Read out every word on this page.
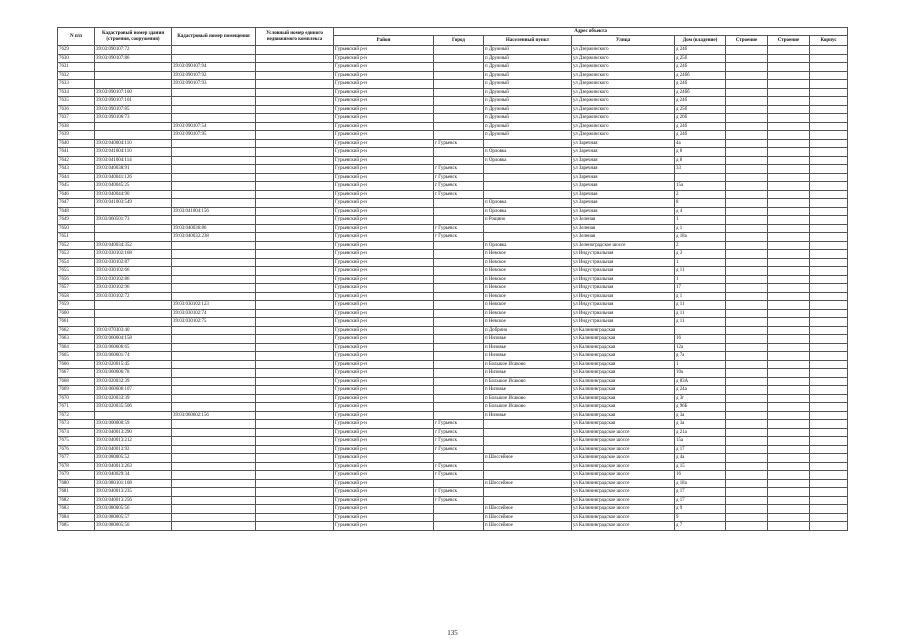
N п/п	Кадастровый номер здания (строения, сооружения)	Кадастровый номер помещения	Условный номер единого недвижимого комплекса	Адрес объекта							
				Район	Город	Населенный пункт	Улица	Дом (владение)	Строение	Строение	Корпус
7629	39:03:090107:72			Гурьевский р-н		п Дружный	ул Дзержинского	д 24б			
7630	39:03:090107:86			Гурьевский р-н		п Дружный	ул Дзержинского	д 25б			
7631		39:03:090107:94		Гурьевский р-н		п Дружный	ул Дзержинского	д 24б			
7632		39:03:090107:92		Гурьевский р-н		п Дружный	ул Дзержинского	д 24бб			
7633		39:03:090107:93		Гурьевский р-н		п Дружный	ул Дзержинского	д 24б			
7634	39:03:090107:100			Гурьевский р-н		п Дружный	ул Дзержинского	д 24бб			
7635	39:03:090107:101			Гурьевский р-н		п Дружный	ул Дзержинского	д 24б			
7636	39:03:090107:85			Гурьевский р-н		п Дружный	ул Дзержинского	д 25б			
7637	39:03:090106:73			Гурьевский р-н		п Дружный	ул Дзержинского	д 26б			
7638		39:03:090107:54		Гурьевский р-н		п Дружный	ул Дзержинского	д 24б			
7639		39:03:090107:95		Гурьевский р-н		п Дружный	ул Дзержинского	д 24б			
7640	39:03:040004:110			Гурьевский р-н	г Гурьевск		ул Заречная	4а			
7641	39:03:041004:110			Гурьевский р-н		п Орловка	ул Заречная	д 8			
7642	39:03:041004:114			Гурьевский р-н		п Орловка	ул Заречная	д 8			
7643	39:03:040038:91			Гурьевский р-н	г Гурьевск		ул Заречная	33			
7644	39:03:040041:126			Гурьевский р-н	г Гурьевск		ул Заречная				
7645	39:03:040045:25			Гурьевский р-н	г Гурьевск		ул Заречная	15а			
7646	39:03:040044:90			Гурьевский р-н	г Гурьевск		ул Заречная	2			
7647	39:03:041003:549			Гурьевский р-н		п Орловка	ул Заречная	8			
7648		39:03:041004:156		Гурьевский р-н		п Орловка	ул Заречная	д 4			
7649	39:03:060501:73			Гурьевский р-н		п Рощино	ул Зеленая	1			
7650		39:03:040036:86		Гурьевский р-н	г Гурьевск		ул Зеленая	д 1			
7651		39:03:040032:238		Гурьевский р-н	г Гурьевск		ул Зеленая	д 18а			
7652	39:03:040034:352			Гурьевский р-н		п Орловка	ул Зеленоградское шоссе	2			
7653	39:03:030102:168			Гурьевский р-н		п Невское	ул Индустриальная	д 3			
7654	39:03:030102:87			Гурьевский р-н		п Невское	ул Индустриальная	1			
7655	39:03:030102:66			Гурьевский р-н		п Невское	ул Индустриальная	д 11			
7656	39:03:030102:86			Гурьевский р-н		п Невское	ул Индустриальная	1			
7657	39:03:030102:96			Гурьевский р-н		п Невское	ул Индустриальная	17			
7658	39:03:030102:72			Гурьевский р-н		п Невское	ул Индустриальная	д 1			
7659		39:03:030102:123		Гурьевский р-н		п Невское	ул Индустриальная	д 11			
7660		39:03:030102:74		Гурьевский р-н		п Невское	ул Индустриальная	д 11			
7661		39:03:030102:75		Гурьевский р-н		п Невское	ул Индустриальная	д 11			
7662	39:03:070303:40			Гурьевский р-н		п Добрино	ул Калининградская				
7663	39:03:060604:158			Гурьевский р-н		п Низовье	ул Калининградская	16			
7664	39:03:060606:65			Гурьевский р-н		п Низовье	ул Калининградская	12а			
7665	39:03:060601:74			Гурьевский р-н		п Низовье	ул Калининградская	д 7а			
7666	39:03:020015:45			Гурьевский р-н		п Большое Исаково	ул Калининградская	1			
7667	39:03:060606:78			Гурьевский р-н		п Низовье	ул Калининградская	10а			
7668	39:03:020032:39			Гурьевский р-н		п Большое Исаково	ул Калининградская	д 83А			
7669	39:03:060606:107			Гурьевский р-н		п Низовье	ул Калининградская	д 24а			
7670	39:03:020033:39			Гурьевский р-н		п Большое Исаково	ул Калининградская	д 3г			
7671	39:03:020035:506			Гурьевский р-н		п Большое Исаково	ул Калининградская	д 96Б			
7672		39:03:060602:156		Гурьевский р-н		п Низовье	ул Калининградская	д 3а			
7673	39:03:000000:59			Гурьевский р-н	г Гурьевск		ул Калининградская	д 3а			
7674	39:03:040013:290			Гурьевский р-н	г Гурьевск		ул Калининградское шоссе	д 21а			
7675	39:03:040013:212			Гурьевский р-н	г Гурьевск		ул Калининградское шоссе	15а			
7676	39:03:040013:92			Гурьевский р-н	г Гурьевск		ул Калининградское шоссе	д 17			
7677	39:03:080005:52			Гурьевский р-н		п Шоссейное	ул Калининградское шоссе	д 4а			
7678	39:03:040013:263			Гурьевский р-н	г Гурьевск		ул Калининградское шоссе	д 15			
7679	39:03:040029:34			Гурьевский р-н	г Гурьевск		ул Калининградское шоссе	16			
7680	39:03:080101:108			Гурьевский р-н		п Шоссейное	ул Калининградское шоссе	д 18а			
7681	39:03:040013:235			Гурьевский р-н	г Гурьевск		ул Калининградское шоссе	д 17			
7682	39:03:040013:256			Гурьевский р-н	г Гурьевск		ул Калининградское шоссе	д 17			
7683	39:03:080005:56			Гурьевский р-н		п Шоссейное	ул Калининградское шоссе	д 9			
7684	39:03:080005:57			Гурьевский р-н		п Шоссейное	ул Калининградское шоссе	9			
7685	39:03:080005:50			Гурьевский р-н		п Шоссейное	ул Калининградское шоссе	д 7			
135
